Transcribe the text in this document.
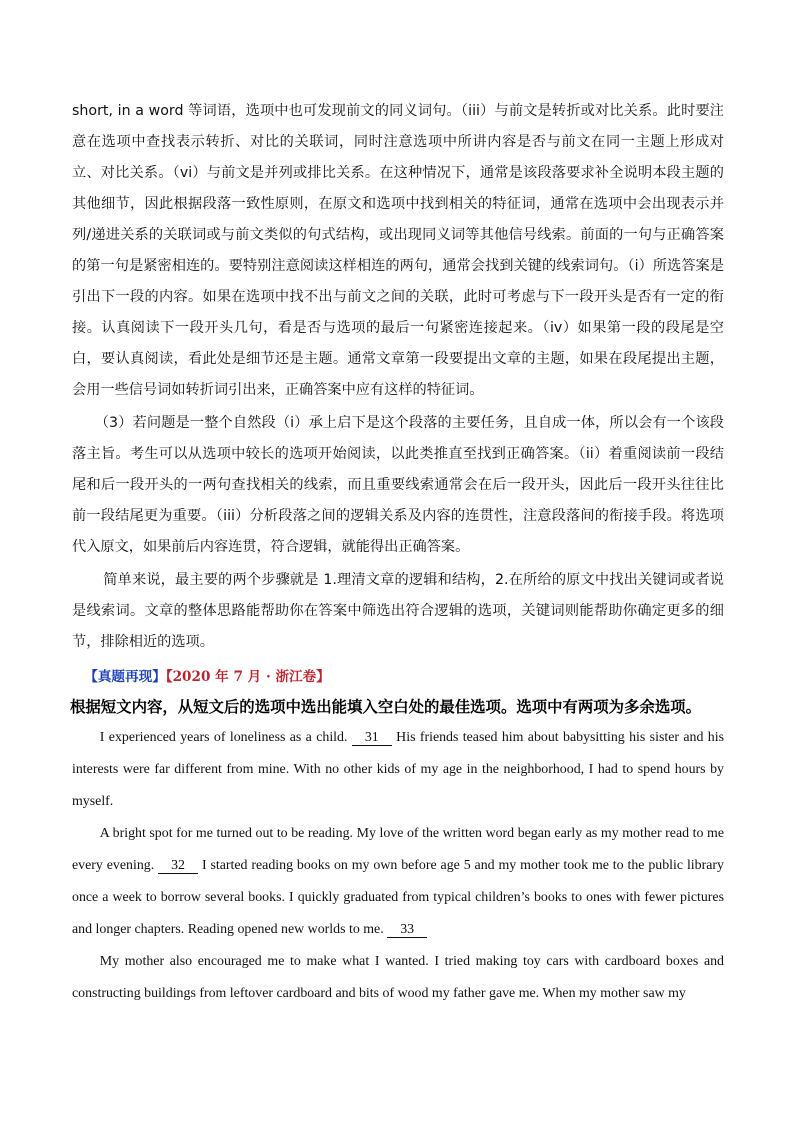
short, in a word 等词语，选项中也可发现前文的同义词句。（iii）与前文是转折或对比关系。此时要注意在选项中查找表示转折、对比的关联词，同时注意选项中所讲内容是否与前文在同一主题上形成对立、对比关系。（vi）与前文是并列或排比关系。在这种情况下，通常是该段落要求补全说明本段主题的其他细节，因此根据段落一致性原则，在原文和选项中找到相关的特征词，通常在选项中会出现表示并列/递进关系的关联词或与前文类似的句式结构，或出现同义词等其他信号线索。前面的一句与正确答案的第一句是紧密相连的。要特别注意阅读这样相连的两句，通常会找到关键的线索词句。（i）所选答案是引出下一段的内容。如果在选项中找不出与前文之间的关联，此时可考虑与下一段开头是否有一定的衔接。认真阅读下一段开头几句，看是否与选项的最后一句紧密连接起来。（iv）如果第一段的段尾是空白，要认真阅读，看此处是细节还是主题。通常文章第一段要提出文章的主题，如果在段尾提出主题，会用一些信号词如转折词引出来，正确答案中应有这样的特征词。

（3）若问题是一整个自然段（i）承上启下是这个段落的主要任务，且自成一体，所以会有一个该段落主旨。考生可以从选项中较长的选项开始阅读，以此类推直至找到正确答案。（ii）着重阅读前一段结尾和后一段开头的一两句查找相关的线索，而且重要线索通常会在后一段开头，因此后一段开头往往比前一段结尾更为重要。（iii）分析段落之间的逻辑关系及内容的连贯性，注意段落间的衔接手段。将选项代入原文，如果前后内容连贯，符合逻辑，就能得出正确答案。

简单来说，最主要的两个步骤就是 1.理清文章的逻辑和结构，2.在所给的原文中找出关键词或者说是线索词。文章的整体思路能帮助你在答案中筛选出符合逻辑的选项，关键词则能帮助你确定更多的细节，排除相近的选项。

【真题再现】【2020 年 7 月 · 浙江卷】
根据短文内容，从短文后的选项中选出能填入空白处的最佳选项。选项中有两项为多余选项。

I experienced years of loneliness as a child. 31 His friends teased him about babysitting his sister and his interests were far different from mine. With no other kids of my age in the neighborhood, I had to spend hours by myself.

A bright spot for me turned out to be reading. My love of the written word began early as my mother read to me every evening. 32 I started reading books on my own before age 5 and my mother took me to the public library once a week to borrow several books. I quickly graduated from typical children’s books to ones with fewer pictures and longer chapters. Reading opened new worlds to me. 33

My mother also encouraged me to make what I wanted. I tried making toy cars with cardboard boxes and constructing buildings from leftover cardboard and bits of wood my father gave me. When my mother saw my
